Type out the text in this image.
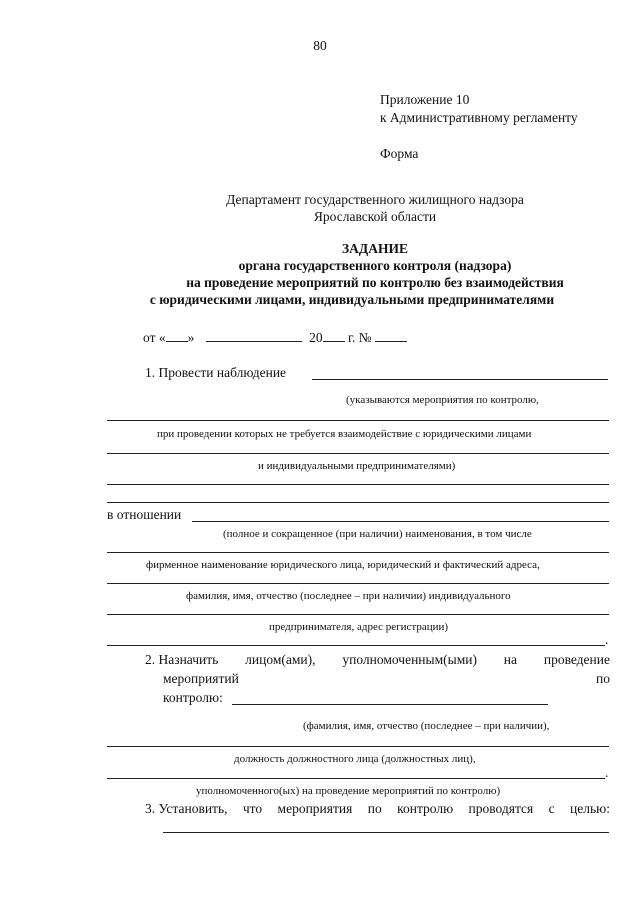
80
Приложение 10
к Административному регламенту
Форма
Департамент государственного жилищного надзора
Ярославской области
ЗАДАНИЕ
органа государственного контроля (надзора)
на проведение мероприятий по контролю без взаимодействия
с юридическими лицами, индивидуальными предпринимателями
от « »	20 г. №
1. Провести наблюдение
(указываются мероприятия по контролю,
при проведении которых не требуется взаимодействие с юридическими лицами
и индивидуальными предпринимателями)
в отношении
(полное и сокращенное (при наличии) наименования, в том числе
фирменное наименование юридического лица, юридический и фактический адреса,
фамилия, имя, отчество (последнее – при наличии) индивидуального
предпринимателя, адрес регистрации)
.
2. Назначить лицом(ами), уполномоченным(ыми) на проведение
мероприятий	по
контролю:
(фамилия, имя, отчество (последнее – при наличии),
должность должностного лица (должностных лиц),
.
уполномоченного(ых) на проведение мероприятий по контролю)
3. Установить, что мероприятия по контролю проводятся с целью:
